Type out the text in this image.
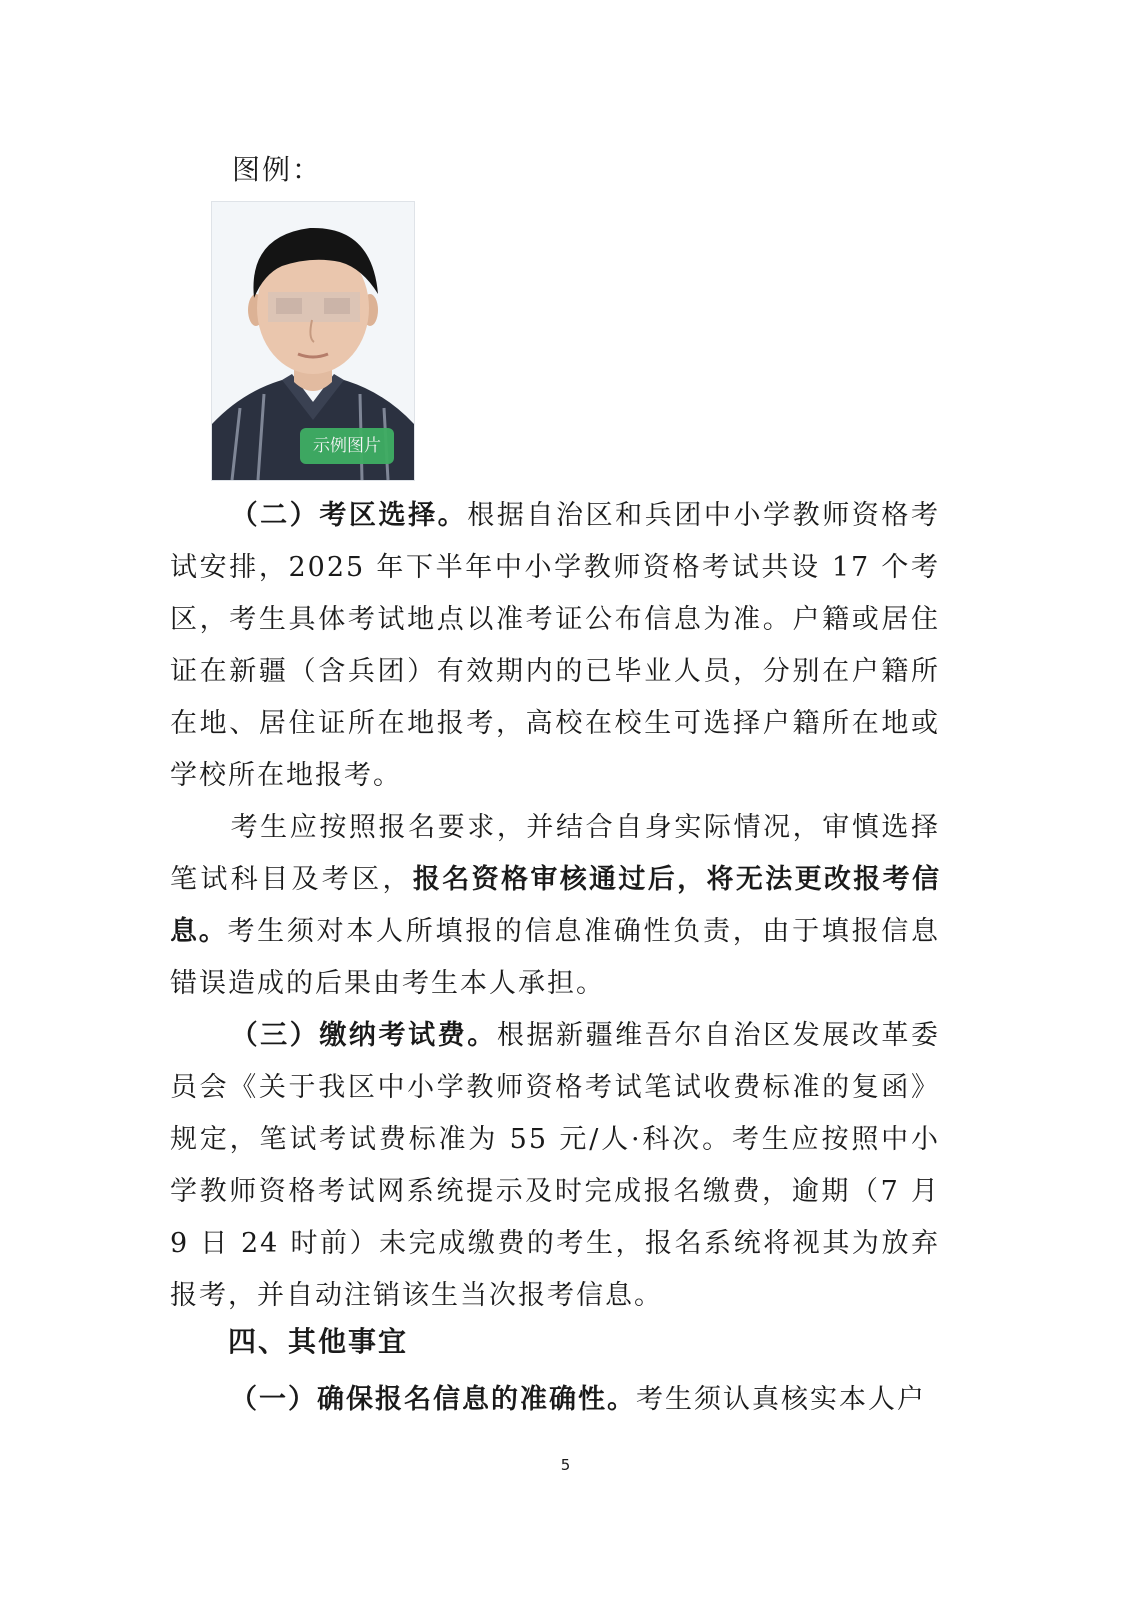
图例：
示例图片

（二）考区选择。根据自治区和兵团中小学教师资格考试安排，2025 年下半年中小学教师资格考试共设 17 个考区，考生具体考试地点以准考证公布信息为准。户籍或居住证在新疆（含兵团）有效期内的已毕业人员，分别在户籍所在地、居住证所在地报考，高校在校生可选择户籍所在地或学校所在地报考。

考生应按照报名要求，并结合自身实际情况，审慎选择笔试科目及考区，报名资格审核通过后，将无法更改报考信息。考生须对本人所填报的信息准确性负责，由于填报信息错误造成的后果由考生本人承担。

（三）缴纳考试费。根据新疆维吾尔自治区发展改革委员会《关于我区中小学教师资格考试笔试收费标准的复函》规定，笔试考试费标准为 55 元/人·科次。考生应按照中小学教师资格考试网系统提示及时完成报名缴费，逾期（7 月 9 日 24 时前）未完成缴费的考生，报名系统将视其为放弃报考，并自动注销该生当次报考信息。

四、其他事宜

（一）确保报名信息的准确性。考生须认真核实本人户

5
